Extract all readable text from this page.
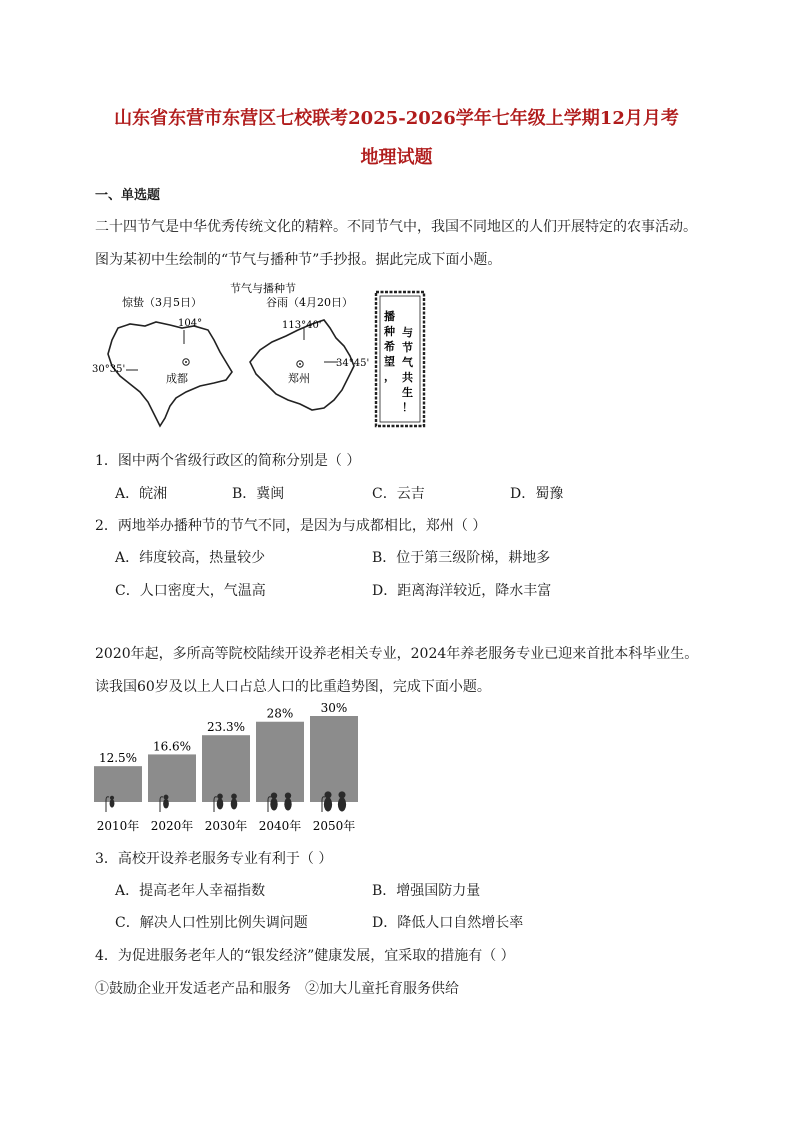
山东省东营市东营区七校联考2025-2026学年七年级上学期12月月考
地理试题
一、单选题
二十四节气是中华优秀传统文化的精粹。不同节气中，我国不同地区的人们开展特定的农事活动。
图为某初中生绘制的“节气与播种节”手抄报。据此完成下面小题。
节气与播种节
惊蛰（3月5日）	谷雨（4月20日）
104°
30°35'
成都
113°40'
34°45'
郑州
播种希望，
与节气共生！
1．图中两个省级行政区的简称分别是（ ）
A．皖湘	B．冀闽	C．云吉	D．蜀豫
2．两地举办播种节的节气不同，是因为与成都相比，郑州（ ）
A．纬度较高，热量较少	B．位于第三级阶梯，耕地多
C．人口密度大，气温高	D．距离海洋较近，降水丰富
2020年起，多所高等院校陆续开设养老相关专业，2024年养老服务专业已迎来首批本科毕业生。
读我国60岁及以上人口占总人口的比重趋势图，完成下面小题。
12.5%
2010年
16.6%
2020年
23.3%
2030年
28%
2040年
30%
2050年
3．高校开设养老服务专业有利于（ ）
A．提高老年人幸福指数	B．增强国防力量
C．解决人口性别比例失调问题	D．降低人口自然增长率
4．为促进服务老年人的“银发经济”健康发展，宜采取的措施有（ ）
①鼓励企业开发适老产品和服务　②加大儿童托育服务供给
